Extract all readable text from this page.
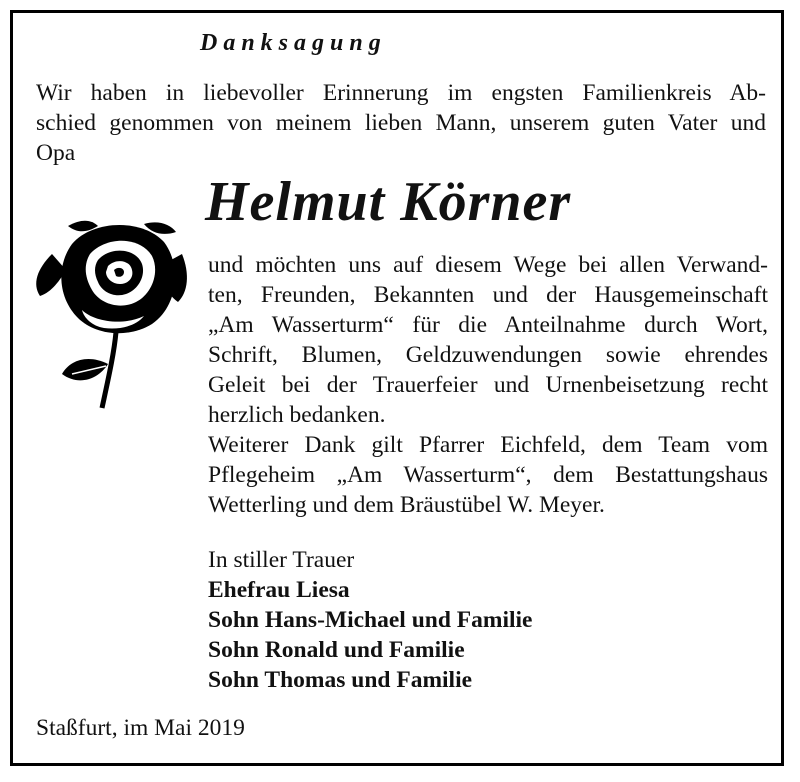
Danksagung

Wir haben in liebevoller Erinnerung im engsten Familienkreis Ab-
schied genommen von meinem lieben Mann, unserem guten Vater und
Opa

Helmut Körner

und möchten uns auf diesem Wege bei allen Verwand-
ten, Freunden, Bekannten und der Hausgemeinschaft
„Am Wasserturm“ für die Anteilnahme durch Wort,
Schrift, Blumen, Geldzuwendungen sowie ehrendes
Geleit bei der Trauerfeier und Urnenbeisetzung recht
herzlich bedanken.
Weiterer Dank gilt Pfarrer Eichfeld, dem Team vom
Pflegeheim „Am Wasserturm“, dem Bestattungshaus
Wetterling und dem Bräustübel W. Meyer.

In stiller Trauer
Ehefrau Liesa
Sohn Hans-Michael und Familie
Sohn Ronald und Familie
Sohn Thomas und Familie
Staßfurt, im Mai 2019
